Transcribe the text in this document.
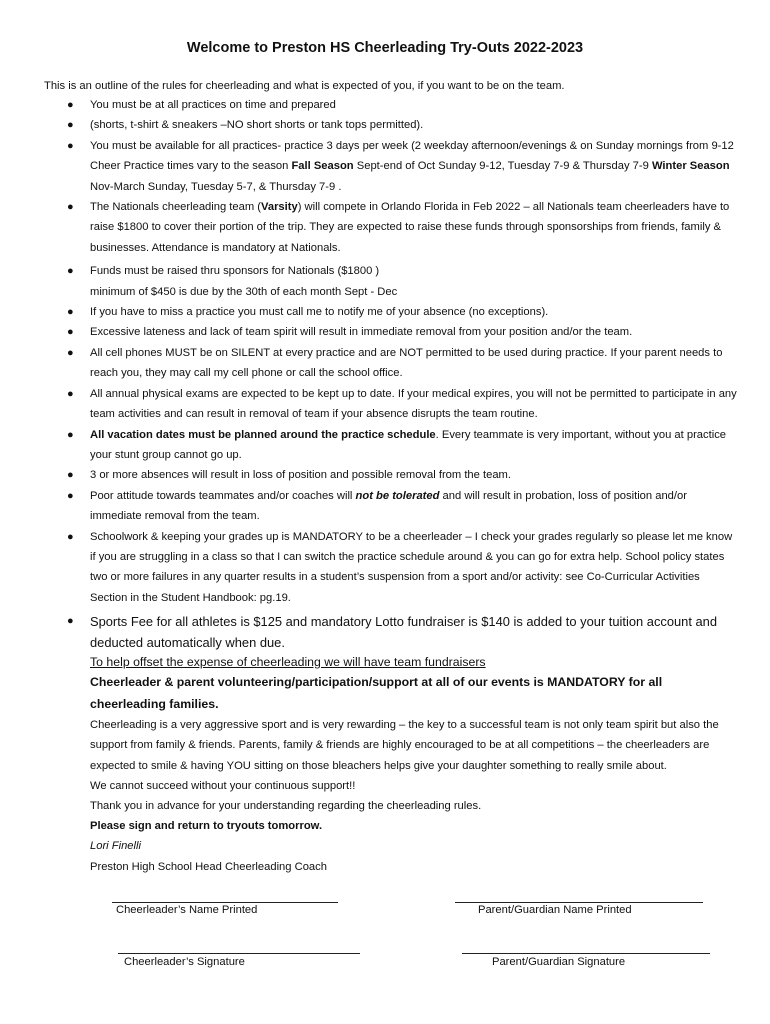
Welcome to Preston HS Cheerleading Try-Outs 2022-2023
This is an outline of the rules for cheerleading and what is expected of you, if you want to be on the team.
● You must be at all practices on time and prepared
● (shorts, t-shirt & sneakers –NO short shorts or tank tops permitted).
● You must be available for all practices- practice 3 days per week (2 weekday afternoon/evenings & on Sunday mornings from 9-12 Cheer Practice times vary to the season Fall Season Sept-end of Oct Sunday 9-12, Tuesday 7-9 & Thursday 7-9 Winter Season Nov-March Sunday, Tuesday 5-7, & Thursday 7-9 .
● The Nationals cheerleading team (Varsity) will compete in Orlando Florida in Feb 2022 – all Nationals team cheerleaders have to raise $1800 to cover their portion of the trip. They are expected to raise these funds through sponsorships from friends, family & businesses. Attendance is mandatory at Nationals.
● Funds must be raised thru sponsors for Nationals ($1800 )
minimum of $450 is due by the 30th of each month Sept - Dec
● If you have to miss a practice you must call me to notify me of your absence (no exceptions).
● Excessive lateness and lack of team spirit will result in immediate removal from your position and/or the team.
● All cell phones MUST be on SILENT at every practice and are NOT permitted to be used during practice. If your parent needs to reach you, they may call my cell phone or call the school office.
● All annual physical exams are expected to be kept up to date. If your medical expires, you will not be permitted to participate in any team activities and can result in removal of team if your absence disrupts the team routine.
● All vacation dates must be planned around the practice schedule. Every teammate is very important, without you at practice your stunt group cannot go up.
● 3 or more absences will result in loss of position and possible removal from the team.
● Poor attitude towards teammates and/or coaches will not be tolerated and will result in probation, loss of position and/or immediate removal from the team.
● Schoolwork & keeping your grades up is MANDATORY to be a cheerleader – I check your grades regularly so please let me know if you are struggling in a class so that I can switch the practice schedule around & you can go for extra help. School policy states two or more failures in any quarter results in a student’s suspension from a sport and/or activity: see Co-Curricular Activities Section in the Student Handbook: pg.19.
● Sports Fee for all athletes is $125 and mandatory Lotto fundraiser is $140 is added to your tuition account and deducted automatically when due.

To help offset the expense of cheerleading we will have team fundraisers

Cheerleader & parent volunteering/participation/support at all of our events is MANDATORY for all cheerleading families.

Cheerleading is a very aggressive sport and is very rewarding – the key to a successful team is not only team spirit but also the support from family & friends. Parents, family & friends are highly encouraged to be at all competitions – the cheerleaders are expected to smile & having YOU sitting on those bleachers helps give your daughter something to really smile about.

We cannot succeed without your continuous support!!

Thank you in advance for your understanding regarding the cheerleading rules.

Please sign and return to tryouts tomorrow.

Lori Finelli

Preston High School Head Cheerleading Coach

Cheerleader’s Name Printed	Parent/Guardian Name Printed
Cheerleader’s Signature	Parent/Guardian Signature
